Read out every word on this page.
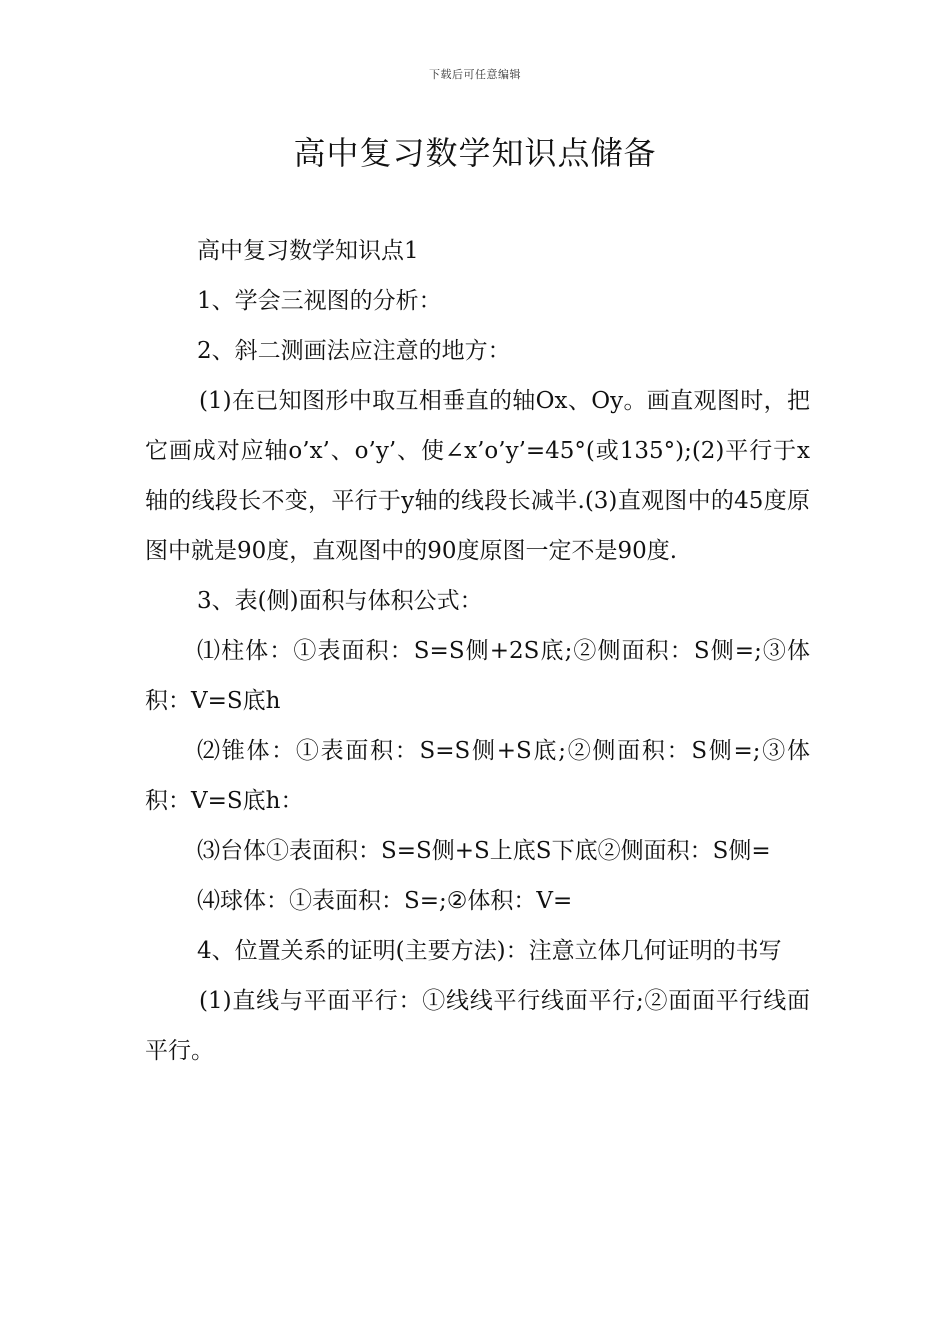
下载后可任意编辑
高中复习数学知识点储备

高中复习数学知识点1

1、学会三视图的分析：

2、斜二测画法应注意的地方：

(1)在已知图形中取互相垂直的轴Ox、Oy。画直观图时，把它画成对应轴o’x’、o’y’、使∠x’o’y’=45°(或135°);(2)平行于x轴的线段长不变，平行于y轴的线段长减半.(3)直观图中的45度原图中就是90度，直观图中的90度原图一定不是90度.

3、表(侧)面积与体积公式：

⑴柱体：①表面积：S=S侧+2S底;②侧面积：S侧=;③体积：V=S底h

⑵锥体：①表面积：S=S侧+S底;②侧面积：S侧=;③体积：V=S底h：

⑶台体①表面积：S=S侧+S上底S下底②侧面积：S侧=

⑷球体：①表面积：S=;②体积：V=

4、位置关系的证明(主要方法)：注意立体几何证明的书写

(1)直线与平面平行：①线线平行线面平行;②面面平行线面平行。
